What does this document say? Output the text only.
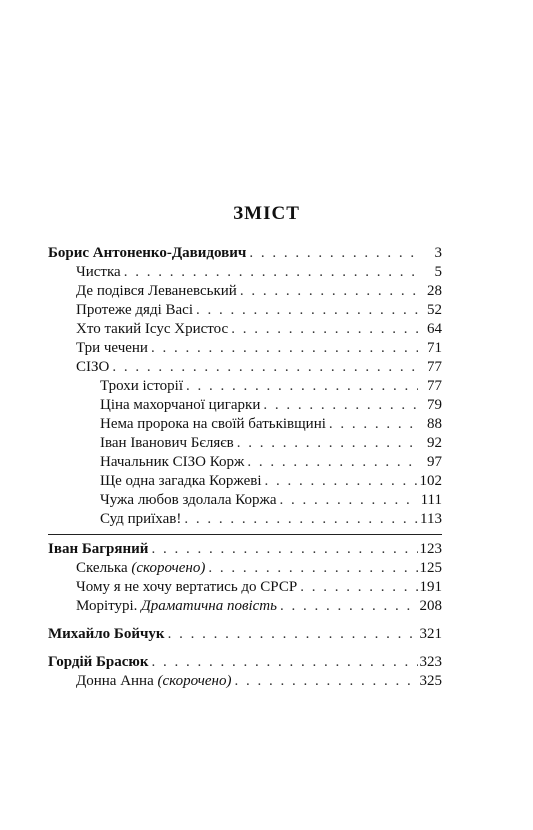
ЗМІСТ
Борис Антоненко-Давидович . . .	3
Чистка . . .	5
Де подівся Леваневський . . .	28
Протеже дяді Васі . . .	52
Хто такий Ісус Христос . . .	64
Три чечени . . .	71
СІЗО . . .	77
Трохи історії . . .	77
Ціна махорчаної цигарки . . .	79
Нема пророка на своїй батьківщині . . .	88
Іван Іванович Бєляєв . . .	92
Начальник СІЗО Корж . . .	97
Ще одна загадка Коржеві . . .	102
Чужа любов здолала Коржа . . .	111
Суд приїхав! . . .	113
Іван Багряний . . .	123
Скелька (скорочено) . . .	125
Чому я не хочу вертатись до СРСР . . .	191
Морітурі. Драматична повість . . .	208
Михайло Бойчук . . .	321
Гордій Брасюк . . .	323
Донна Анна (скорочено) . . .	325
